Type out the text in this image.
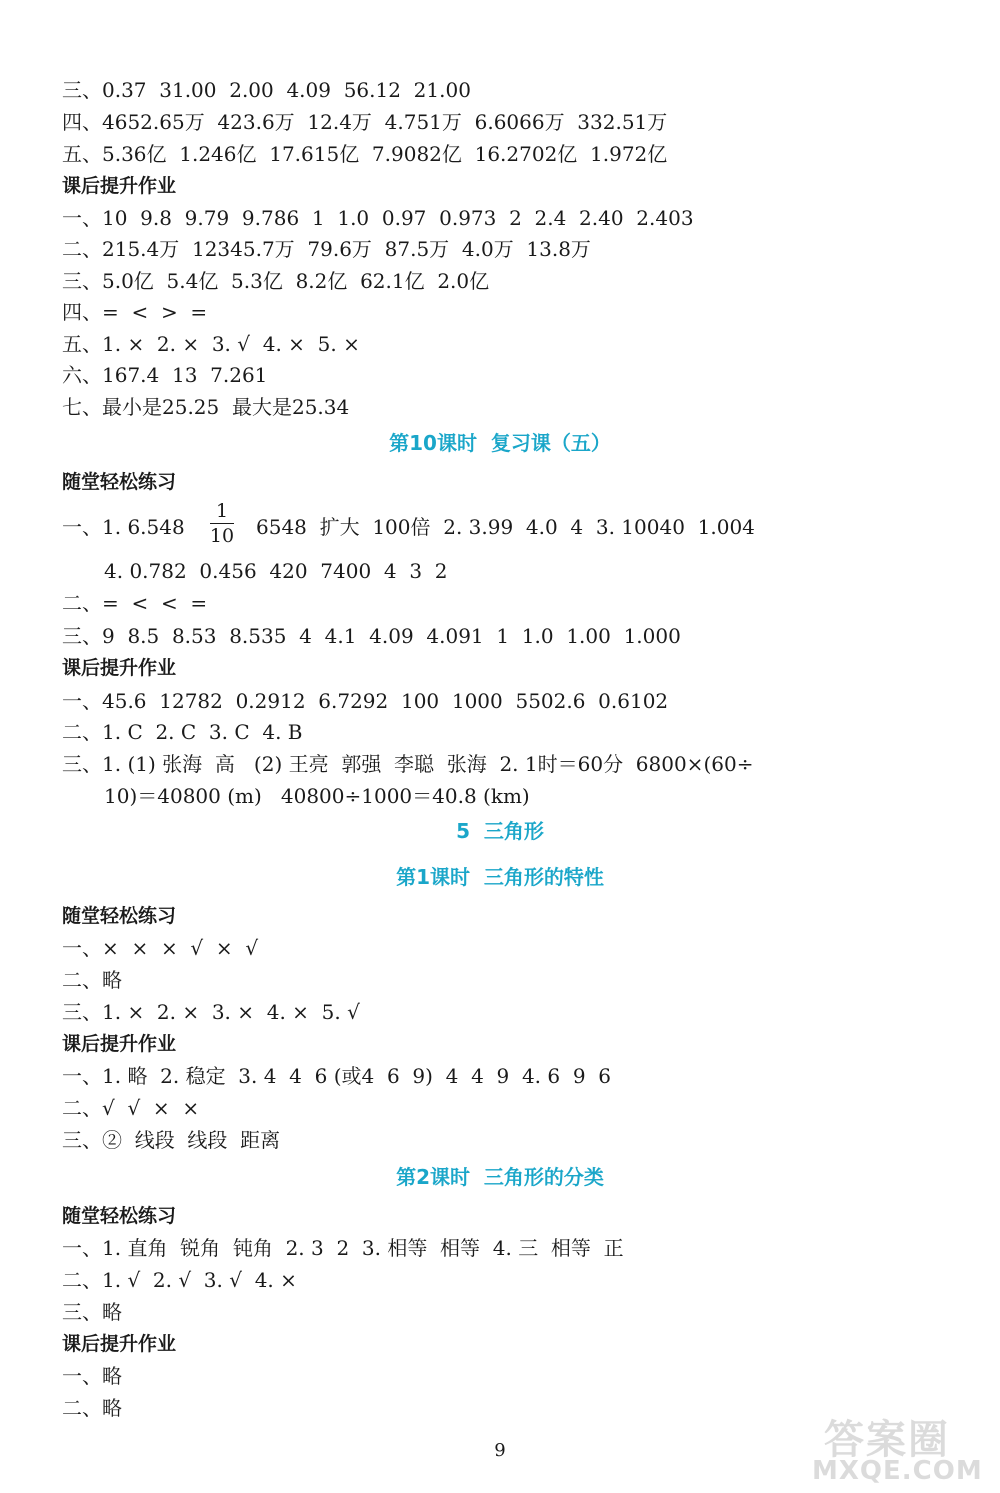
三、0.37  31.00  2.00  4.09  56.12  21.00
四、4652.65万  423.6万  12.4万  4.751万  6.6066万  332.51万
五、5.36亿  1.246亿  17.615亿  7.9082亿  16.2702亿  1.972亿
课后提升作业
一、10  9.8  9.79  9.786  1  1.0  0.97  0.973  2  2.4  2.40  2.403
二、215.4万  12345.7万  79.6万  87.5万  4.0万  13.8万
三、5.0亿  5.4亿  5.3亿  8.2亿  62.1亿  2.0亿
四、=  <  >  =
五、1. ×  2. ×  3. √  4. ×  5. ×
六、167.4  13  7.261
七、最小是25.25  最大是25.34
第10课时  复习课（五）
随堂轻松练习
一、1. 6.548
1
10 6548  扩大  100倍  2. 3.99  4.0  4  3. 10040  1.004
4. 0.782  0.456  420  7400  4  3  2
二、=  <  <  =
三、9  8.5  8.53  8.535  4  4.1  4.09  4.091  1  1.0  1.00  1.000
课后提升作业
一、45.6  12782  0.2912  6.7292  100  1000  5502.6  0.6102
二、1. C  2. C  3. C  4. B
三、1. (1) 张海  高   (2) 王亮  郭强  李聪  张海  2. 1时＝60分  6800×(60÷
10)＝40800 (m)   40800÷1000＝40.8 (km)
5  三角形
第1课时  三角形的特性
随堂轻松练习
一、×  ×  ×  √  ×  √
二、略
三、1. ×  2. ×  3. ×  4. ×  5. √
课后提升作业
一、1. 略  2. 稳定  3. 4  4  6 (或4  6  9)  4  4  9  4. 6  9  6
二、√  √  ×  ×
三、②  线段  线段  距离
第2课时  三角形的分类
随堂轻松练习
一、1. 直角  锐角  钝角  2. 3  2  3. 相等  相等  4. 三  相等  正
二、1. √  2. √  3. √  4. ×
三、略
课后提升作业
一、略
二、略
9	答案圈
MXQE.COM
